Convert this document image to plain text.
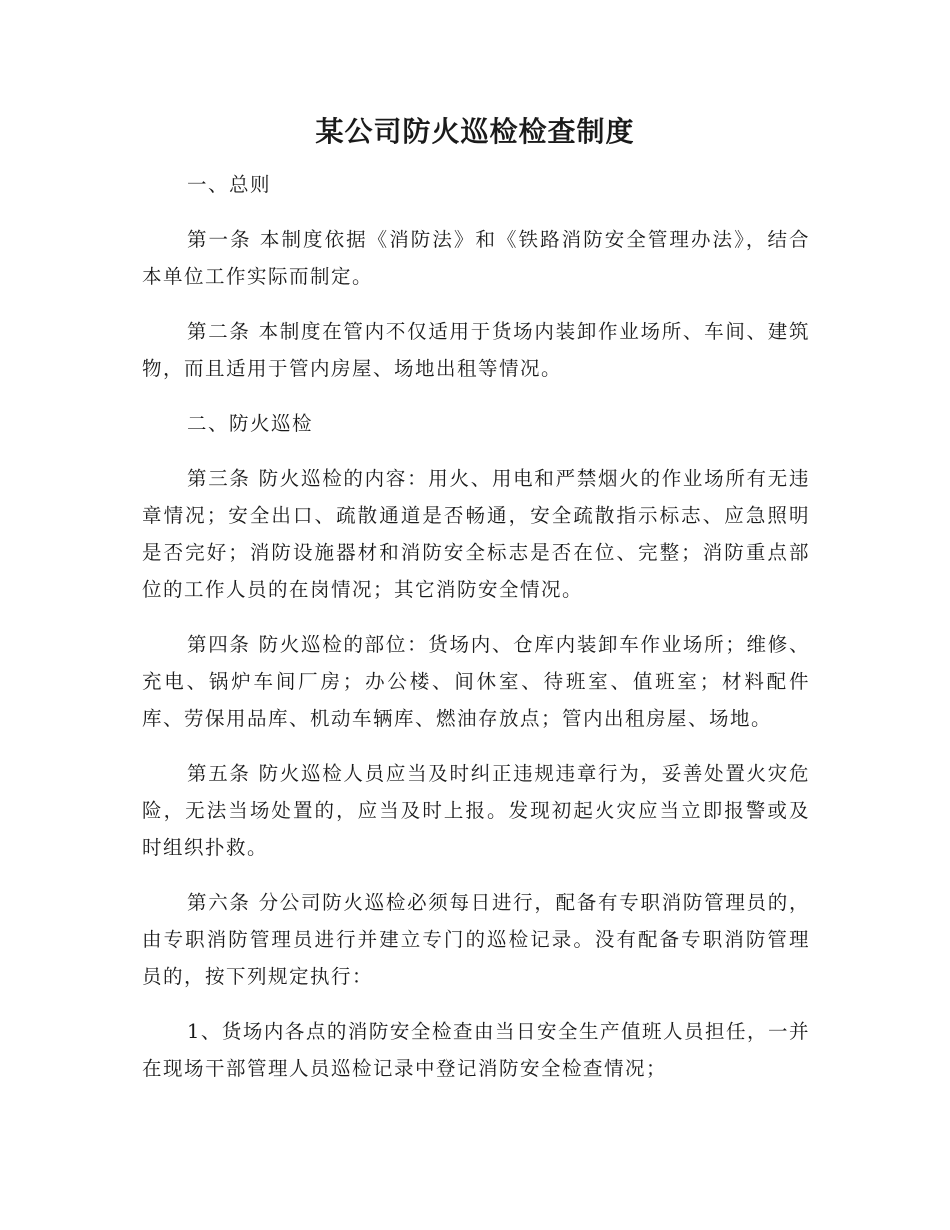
某公司防火巡检检查制度

一、总则

第一条 本制度依据《消防法》和《铁路消防安全管理办法》，结合本单位工作实际而制定。

第二条 本制度在管内不仅适用于货场内装卸作业场所、车间、建筑物，而且适用于管内房屋、场地出租等情况。

二、防火巡检

第三条 防火巡检的内容：用火、用电和严禁烟火的作业场所有无违章情况；安全出口、疏散通道是否畅通，安全疏散指示标志、应急照明是否完好；消防设施器材和消防安全标志是否在位、完整；消防重点部位的工作人员的在岗情况；其它消防安全情况。

第四条 防火巡检的部位：货场内、仓库内装卸车作业场所；维修、充电、锅炉车间厂房；办公楼、间休室、待班室、值班室；材料配件库、劳保用品库、机动车辆库、燃油存放点；管内出租房屋、场地。

第五条 防火巡检人员应当及时纠正违规违章行为，妥善处置火灾危险，无法当场处置的，应当及时上报。发现初起火灾应当立即报警或及时组织扑救。

第六条 分公司防火巡检必须每日进行，配备有专职消防管理员的，由专职消防管理员进行并建立专门的巡检记录。没有配备专职消防管理员的，按下列规定执行：

1、货场内各点的消防安全检查由当日安全生产值班人员担任，一并在现场干部管理人员巡检记录中登记消防安全检查情况；
